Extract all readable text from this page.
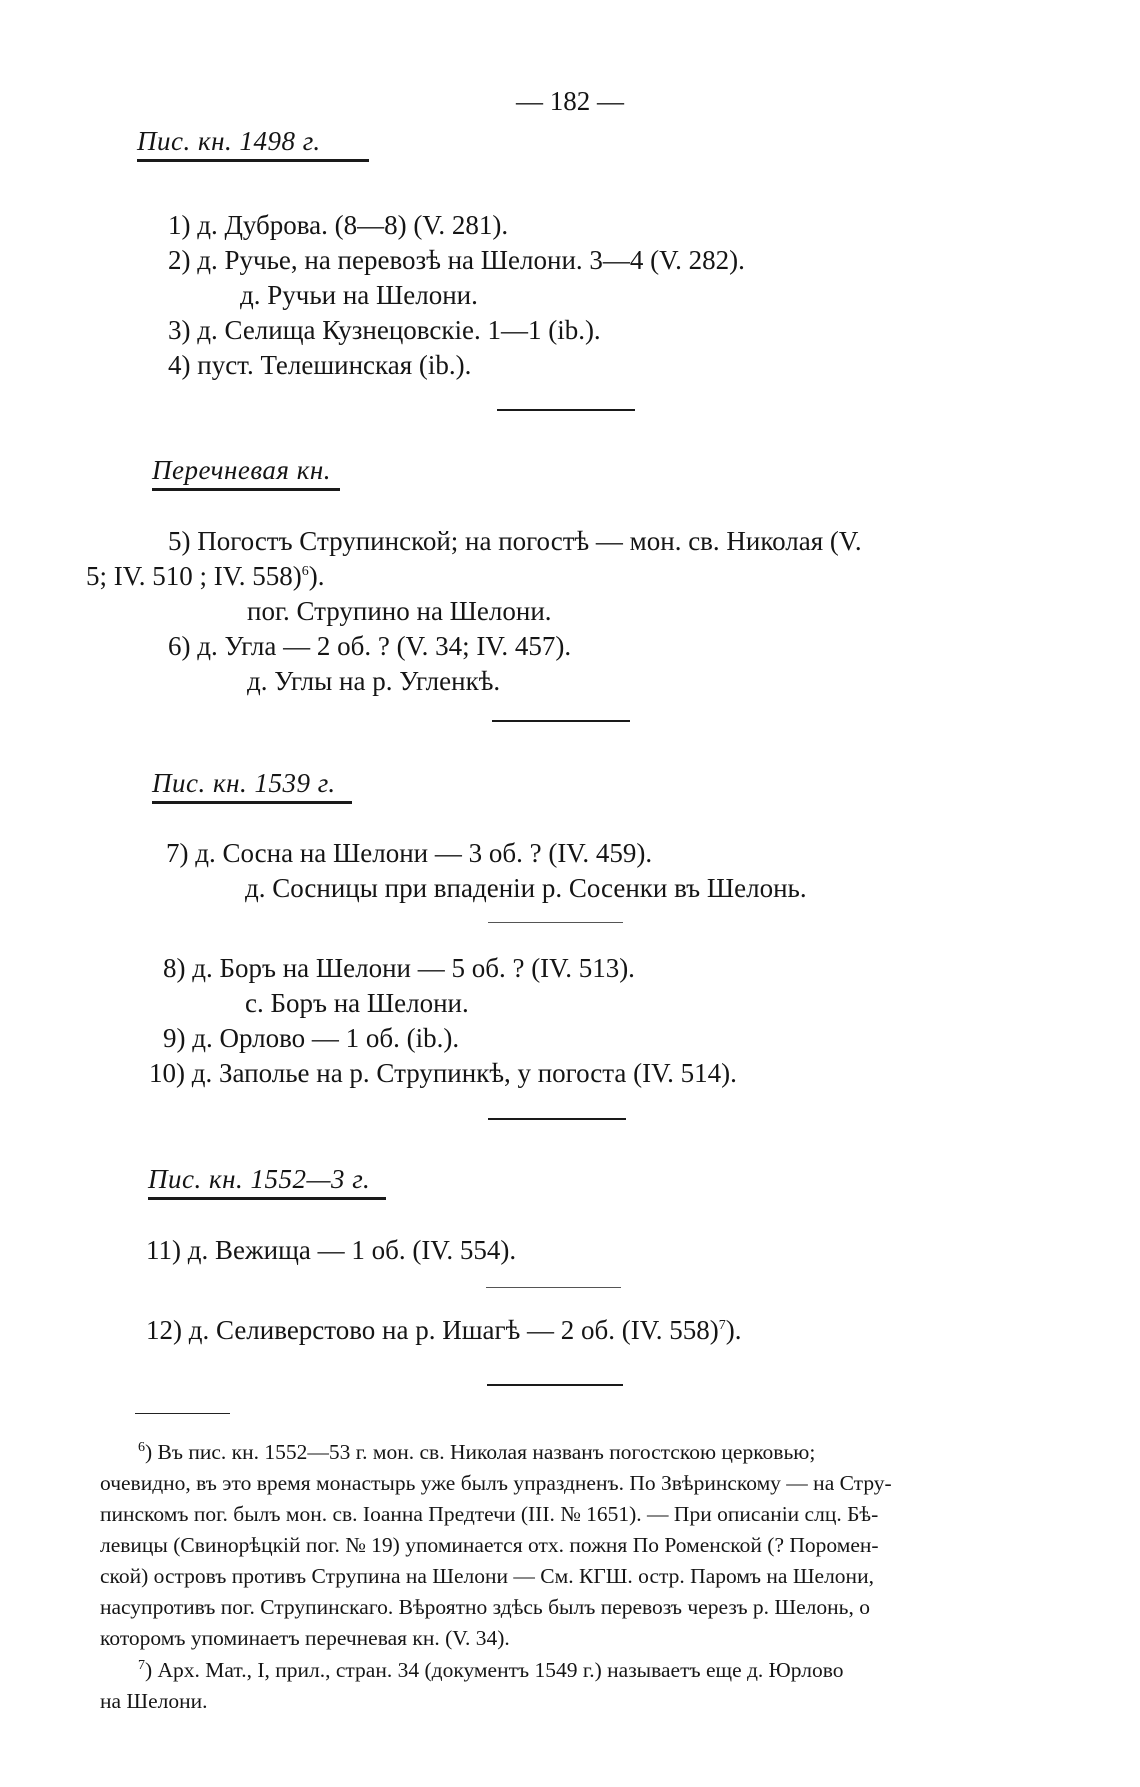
— 182 —
Пис. кн. 1498 г.
1) д. Дуброва. (8—8) (V. 281).
2) д. Ручье, на перевозѣ на Шелони. 3—4 (V. 282).
д. Ручьи на Шелони.
3) д. Селища Кузнецовскіе. 1—1 (ib.).
4) пуст. Телешинская (ib.).
Перечневая кн.
5) Погостъ Струпинской; на погостѣ — мон. св. Николая (V.
5; IV. 510 ; IV. 558)$^6$).
пог. Струпино на Шелони.
6) д. Угла — 2 об. ? (V. 34; IV. 457).
д. Углы на р. Угленкѣ.
Пис. кн. 1539 г.
7) д. Сосна на Шелони — 3 об. ? (IV. 459).
д. Сосницы при впаденіи р. Сосенки въ Шелонь.
8) д. Боръ на Шелони — 5 об. ? (IV. 513).
с. Боръ на Шелони.
9) д. Орлово — 1 об. (ib.).
10) д. Заполье на р. Струпинкѣ, у погоста (IV. 514).
Пис. кн. 1552—3 г.
11) д. Вежища — 1 об. (IV. 554).
12) д. Селиверстово на р. Ишагѣ — 2 об. (IV. 558)$^7$).
$^6$) Въ пис. кн. 1552—53 г. мон. св. Николая названъ погостскою церковью;
очевидно, въ это время монастырь уже былъ упраздненъ. По Звѣринскому — на Стру-
пинскомъ пог. былъ мон. св. Іоанна Предтечи (III. № 1651). — При описаніи слц. Бѣ-
левицы (Свинорѣцкій пог. № 19) упоминается отх. пожня По Роменской (? Поромен-
ской) островъ противъ Струпина на Шелони — См. КГШ. остр. Паромъ на Шелони,
насупротивъ пог. Струпинскаго. Вѣроятно здѣсь былъ перевозъ черезъ р. Шелонь, о
которомъ упоминаетъ перечневая кн. (V. 34).
$^7$) Арх. Мат., I, прил., стран. 34 (документъ 1549 г.) называетъ еще д. Юрлово
на Шелони.
